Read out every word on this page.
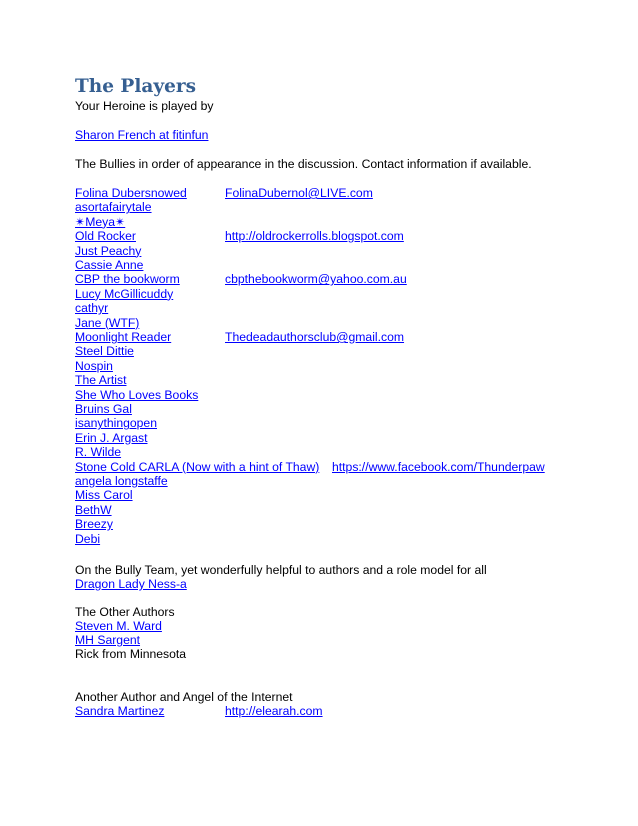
The Players
Your Heroine is played by
Sharon French at fitinfun
The Bullies in order of appearance in the discussion. Contact information if available.
Folina Dubersnowed	FolinaDubernol@LIVE.com
asortafairytale
✴Meya✴
Old Rocker	http://oldrockerrolls.blogspot.com
Just Peachy
Cassie Anne
CBP the bookworm	cbpthebookworm@yahoo.com.au
Lucy McGillicuddy
cathyr
Jane (WTF)
Moonlight Reader	Thedeadauthorsclub@gmail.com
Steel Dittie
Nospin
The Artist
She Who Loves Books
Bruins Gal
isanythingopen
Erin J. Argast
R. Wilde
Stone Cold CARLA (Now with a hint of Thaw) https://www.facebook.com/Thunderpaw
angela longstaffe
Miss Carol
BethW
Breezy
Debi
On the Bully Team, yet wonderfully helpful to authors and a role model for all
Dragon Lady Ness-a
The Other Authors
Steven M. Ward
MH Sargent
Rick from Minnesota
Another Author and Angel of the Internet
Sandra Martinez	http://elearah.com
